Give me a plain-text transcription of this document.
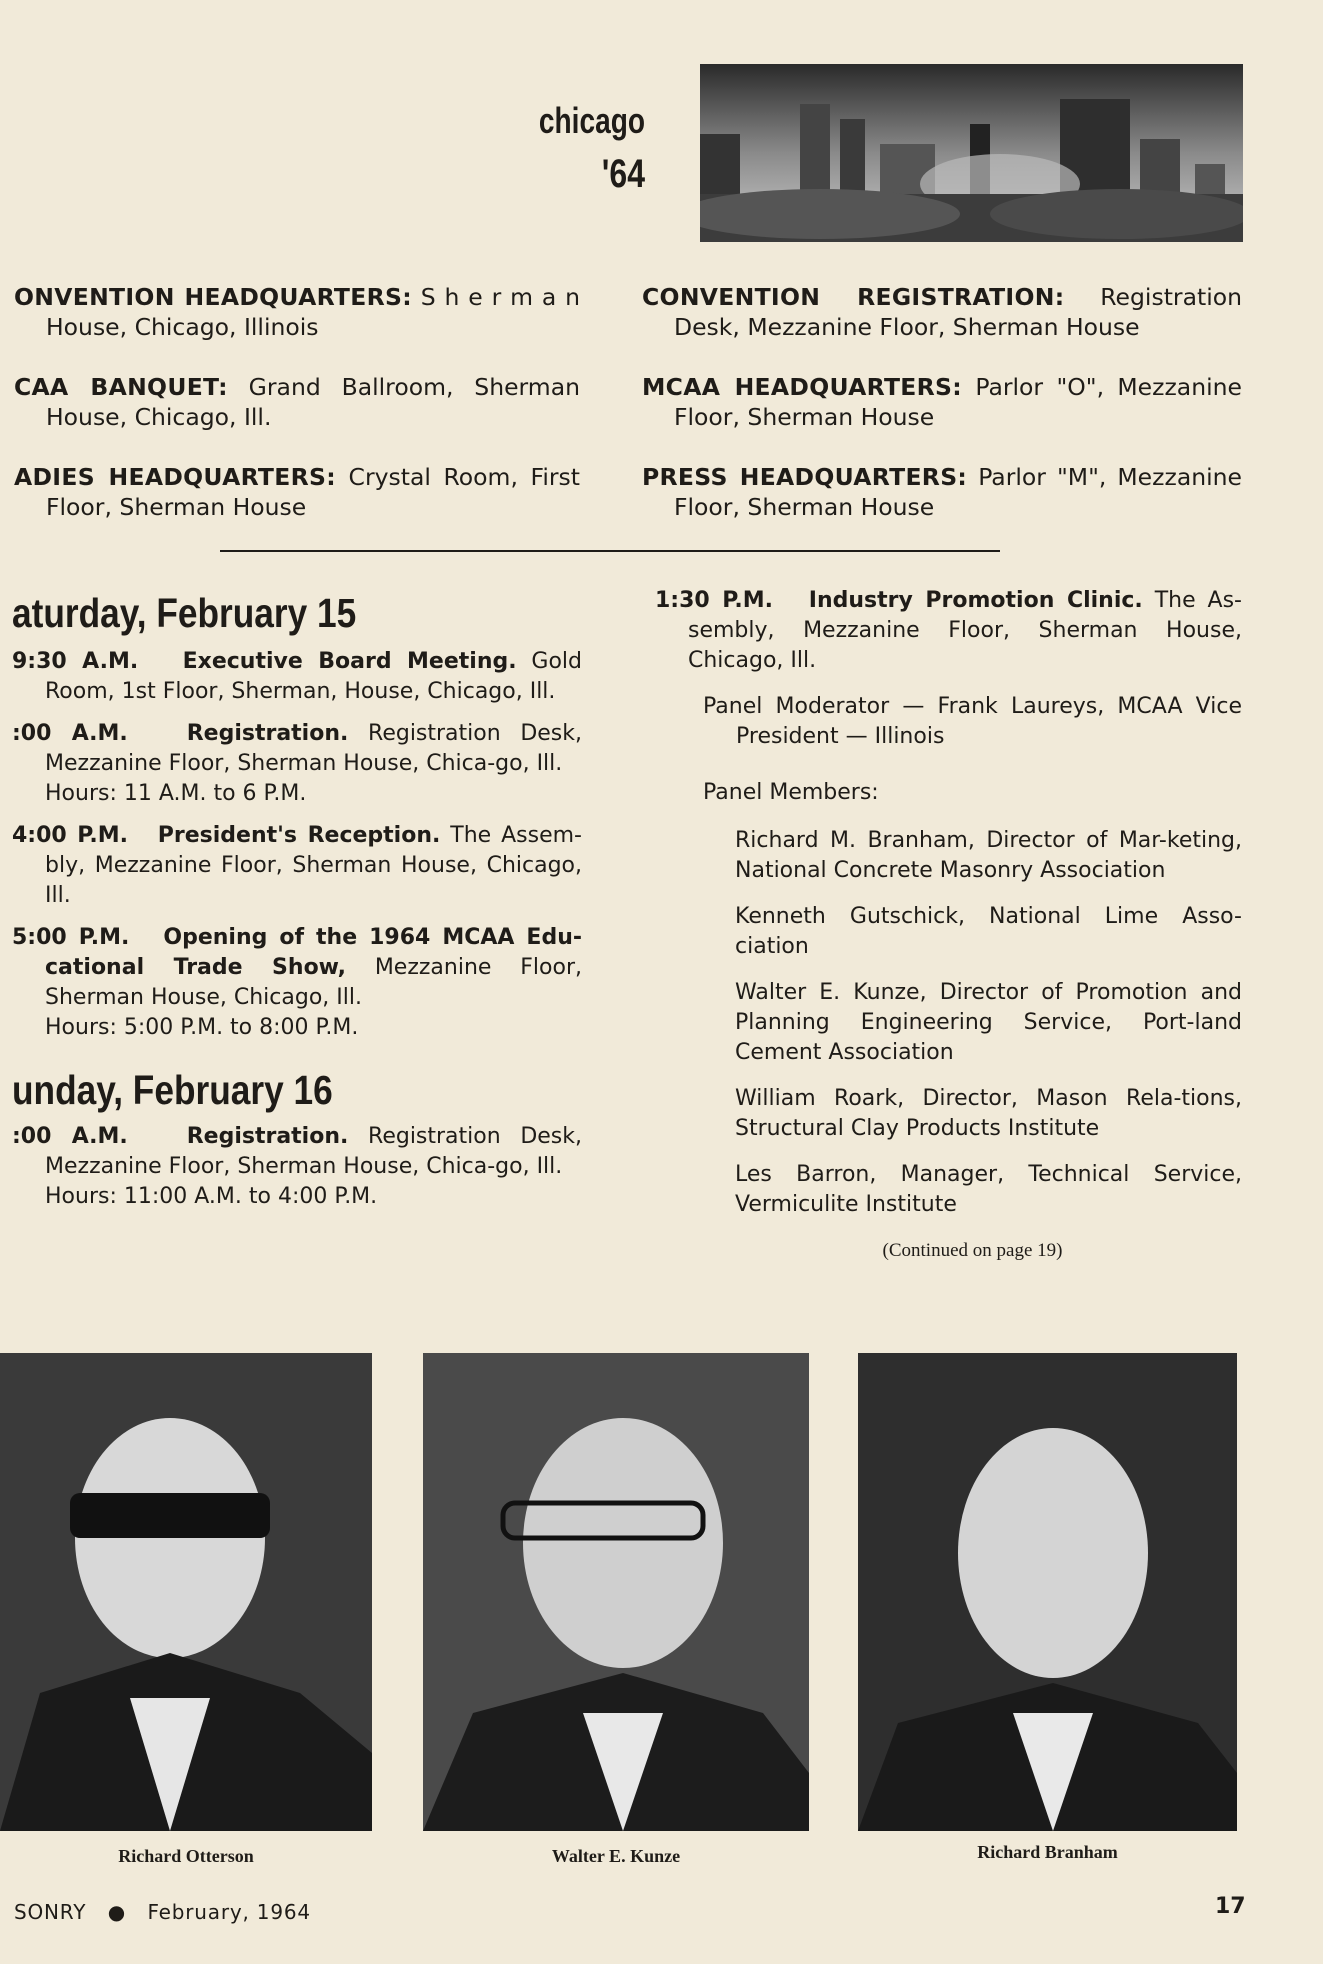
chicago
'64
ONVENTION HEADQUARTERS: S h e r m a n House, Chicago, Illinois
CAA BANQUET: Grand Ballroom, Sherman House, Chicago, Ill.
ADIES HEADQUARTERS: Crystal Room, First Floor, Sherman House
CONVENTION REGISTRATION: Registration Desk, Mezzanine Floor, Sherman House
MCAA HEADQUARTERS: Parlor "O", Mezzanine Floor, Sherman House
PRESS HEADQUARTERS: Parlor "M", Mezzanine Floor, Sherman House
aturday, February 15
9:30 A.M. Executive Board Meeting. Gold Room, 1st Floor, Sherman, House, Chicago, Ill.
:00 A.M.	Registration. Registration Desk, Mezzanine Floor, Sherman House, Chica-go, Ill.
Hours: 11 A.M. to 6 P.M.
4:00 P.M. President's Reception. The Assem-bly, Mezzanine Floor, Sherman House, Chicago, Ill.
5:00 P.M. Opening of the 1964 MCAA Edu-cational Trade Show, Mezzanine Floor, Sherman House, Chicago, Ill.
Hours: 5:00 P.M. to 8:00 P.M.
unday, February 16
:00 A.M.	Registration. Registration Desk, Mezzanine Floor, Sherman House, Chica-go, Ill.
Hours: 11:00 A.M. to 4:00 P.M.
1:30 P.M. Industry Promotion Clinic. The As-sembly, Mezzanine Floor, Sherman House, Chicago, Ill.
Panel Moderator — Frank Laureys, MCAA Vice President — Illinois
Panel Members:
Richard M. Branham, Director of Mar-keting, National Concrete Masonry Association
Kenneth Gutschick, National Lime Asso-ciation
Walter E. Kunze, Director of Promotion and Planning Engineering Service, Port-land Cement Association
William Roark, Director, Mason Rela-tions, Structural Clay Products Institute
Les Barron, Manager, Technical Service, Vermiculite Institute
(Continued on page 19)
Richard Otterson	Walter E. Kunze	Richard Branham
SONRY ● February, 1964	17
